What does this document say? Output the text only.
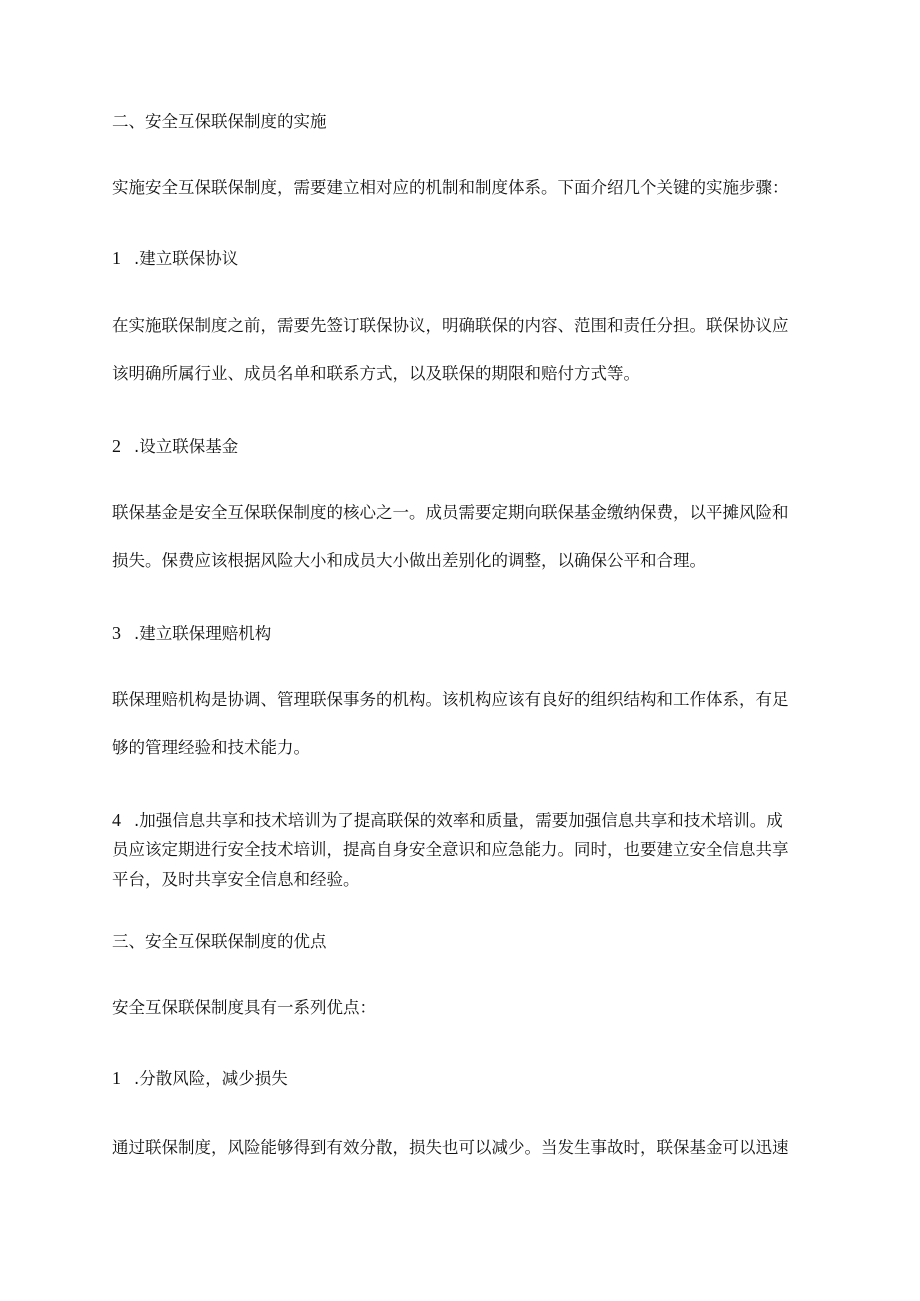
二、安全互保联保制度的实施
实施安全互保联保制度，需要建立相对应的机制和制度体系。下面介绍几个关键的实施步骤：
1 .建立联保协议
在实施联保制度之前，需要先签订联保协议，明确联保的内容、范围和责任分担。联保协议应
该明确所属行业、成员名单和联系方式，以及联保的期限和赔付方式等。
2 .设立联保基金
联保基金是安全互保联保制度的核心之一。成员需要定期向联保基金缴纳保费，以平摊风险和
损失。保费应该根据风险大小和成员大小做出差别化的调整，以确保公平和合理。
3 .建立联保理赔机构
联保理赔机构是协调、管理联保事务的机构。该机构应该有良好的组织结构和工作体系，有足
够的管理经验和技术能力。
4 .加强信息共享和技术培训为了提高联保的效率和质量，需要加强信息共享和技术培训。成
员应该定期进行安全技术培训，提高自身安全意识和应急能力。同时，也要建立安全信息共享
平台，及时共享安全信息和经验。
三、安全互保联保制度的优点
安全互保联保制度具有一系列优点：
1 .分散风险，减少损失
通过联保制度，风险能够得到有效分散，损失也可以减少。当发生事故时，联保基金可以迅速
